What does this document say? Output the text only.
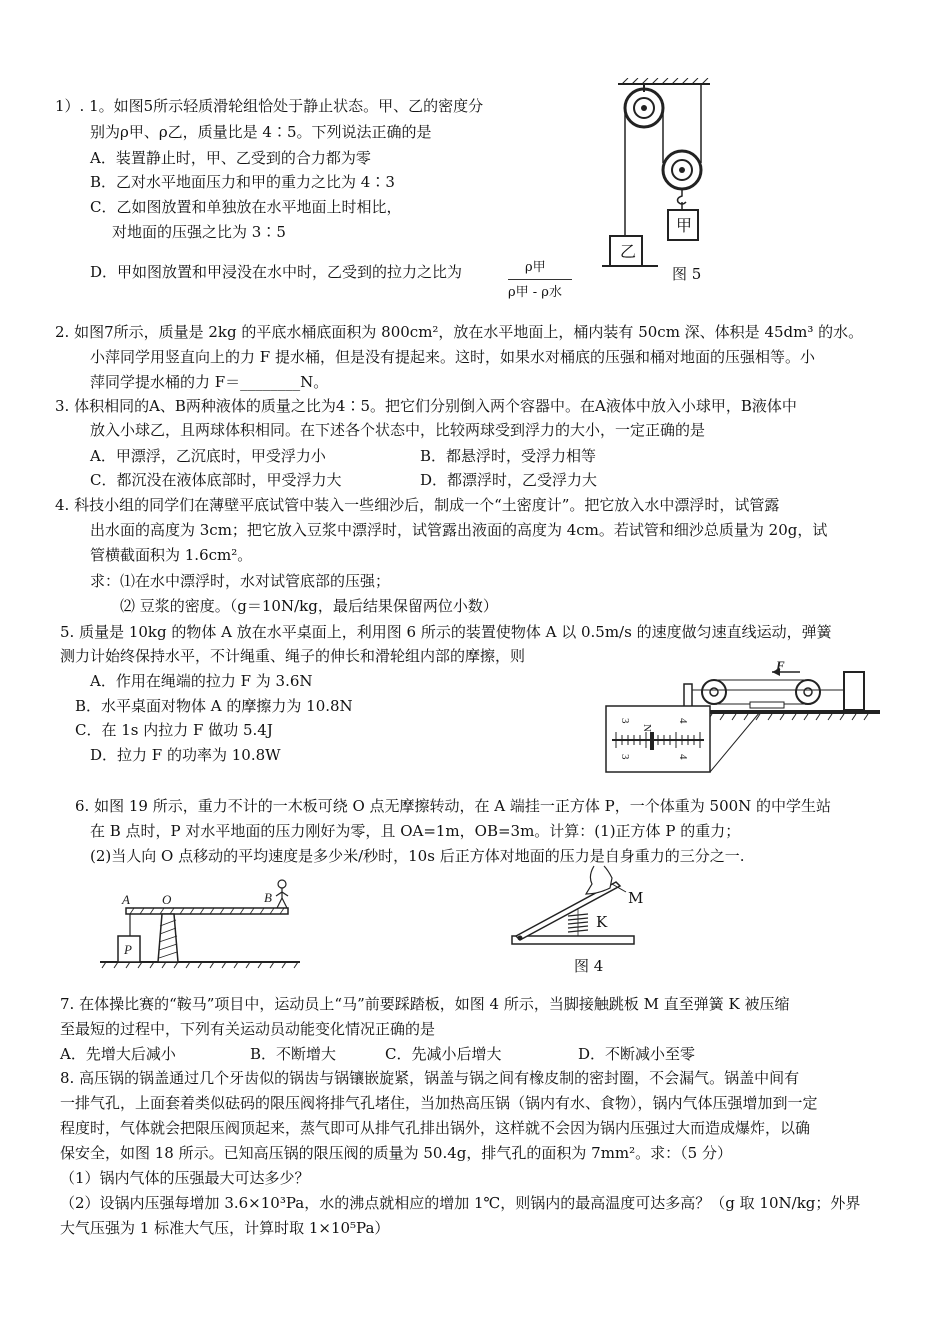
1）. 1。如图5所示轻质滑轮组恰处于静止状态。甲、乙的密度分
别为ρ甲、ρ乙，质量比是 4∶5。下列说法正确的是
A．装置静止时，甲、乙受到的合力都为零
B．乙对水平地面压力和甲的重力之比为 4∶3
C．乙如图放置和单独放在水平地面上时相比，
对地面的压强之比为 3∶5
D．甲如图放置和甲浸没在水中时，乙受到的拉力之比为	ρ甲
ρ甲 - ρ水
甲
乙
图 5
2. 如图7所示，质量是 2kg 的平底水桶底面积为 800cm²，放在水平地面上，桶内装有 50cm 深、体积是 45dm³ 的水。
小萍同学用竖直向上的力 F 提水桶，但是没有提起来。这时，如果水对桶底的压强和桶对地面的压强相等。小
萍同学提水桶的力 F＝________N。
3. 体积相同的A、B两种液体的质量之比为4∶5。把它们分别倒入两个容器中。在A液体中放入小球甲，B液体中
放入小球乙，且两球体积相同。在下述各个状态中，比较两球受到浮力的大小，一定正确的是
A．甲漂浮，乙沉底时，甲受浮力小	B．都悬浮时，受浮力相等
C．都沉没在液体底部时，甲受浮力大	D．都漂浮时，乙受浮力大
4. 科技小组的同学们在薄壁平底试管中装入一些细沙后，制成一个“土密度计”。把它放入水中漂浮时，试管露
出水面的高度为 3cm；把它放入豆浆中漂浮时，试管露出液面的高度为 4cm。若试管和细沙总质量为 20g，试
管横截面积为 1.6cm²。
求：⑴在水中漂浮时，水对试管底部的压强；
⑵ 豆浆的密度。（g＝10N/kg，最后结果保留两位小数）
5. 质量是 10kg 的物体 A 放在水平桌面上，利用图 6 所示的装置使物体 A 以 0.5m/s 的速度做匀速直线运动，弹簧
测力计始终保持水平，不计绳重、绳子的伸长和滑轮组内部的摩擦，则
A．作用在绳端的拉力 F 为 3.6N
B．水平桌面对物体 A 的摩擦力为 10.8N
C．在 1s 内拉力 F 做功 5.4J
D．拉力 F 的功率为 10.8W
F
N
3	4
3	4
6. 如图 19 所示，重力不计的一木板可绕 O 点无摩擦转动，在 A 端挂一正方体 P，一个体重为 500N 的中学生站
在 B 点时，P 对水平地面的压力刚好为零，且 OA=1m，OB=3m。计算：(1)正方体 P 的重力；
(2)当人向 O 点移动的平均速度是多少米/秒时，10s 后正方体对地面的压力是自身重力的三分之一.
A O	B
P
M
K
图 4
7. 在体操比赛的“鞍马”项目中，运动员上“马”前要踩踏板，如图 4 所示，当脚接触跳板 M 直至弹簧 K 被压缩
至最短的过程中，下列有关运动员动能变化情况正确的是
A．先增大后减小	B．不断增大	C．先减小后增大	D．不断减小至零
8. 高压锅的锅盖通过几个牙齿似的锅齿与锅镶嵌旋紧，锅盖与锅之间有橡皮制的密封圈，不会漏气。锅盖中间有
一排气孔，上面套着类似砝码的限压阀将排气孔堵住，当加热高压锅（锅内有水、食物），锅内气体压强增加到一定
程度时，气体就会把限压阀顶起来，蒸气即可从排气孔排出锅外，这样就不会因为锅内压强过大而造成爆炸，以确
保安全，如图 18 所示。已知高压锅的限压阀的质量为 50.4g，排气孔的面积为 7mm²。求：（5 分）
（1）锅内气体的压强最大可达多少？
（2）设锅内压强每增加 3.6×10³Pa，水的沸点就相应的增加 1℃，则锅内的最高温度可达多高？（g 取 10N/kg；外界
大气压强为 1 标准大气压，计算时取 1×10⁵Pa）
